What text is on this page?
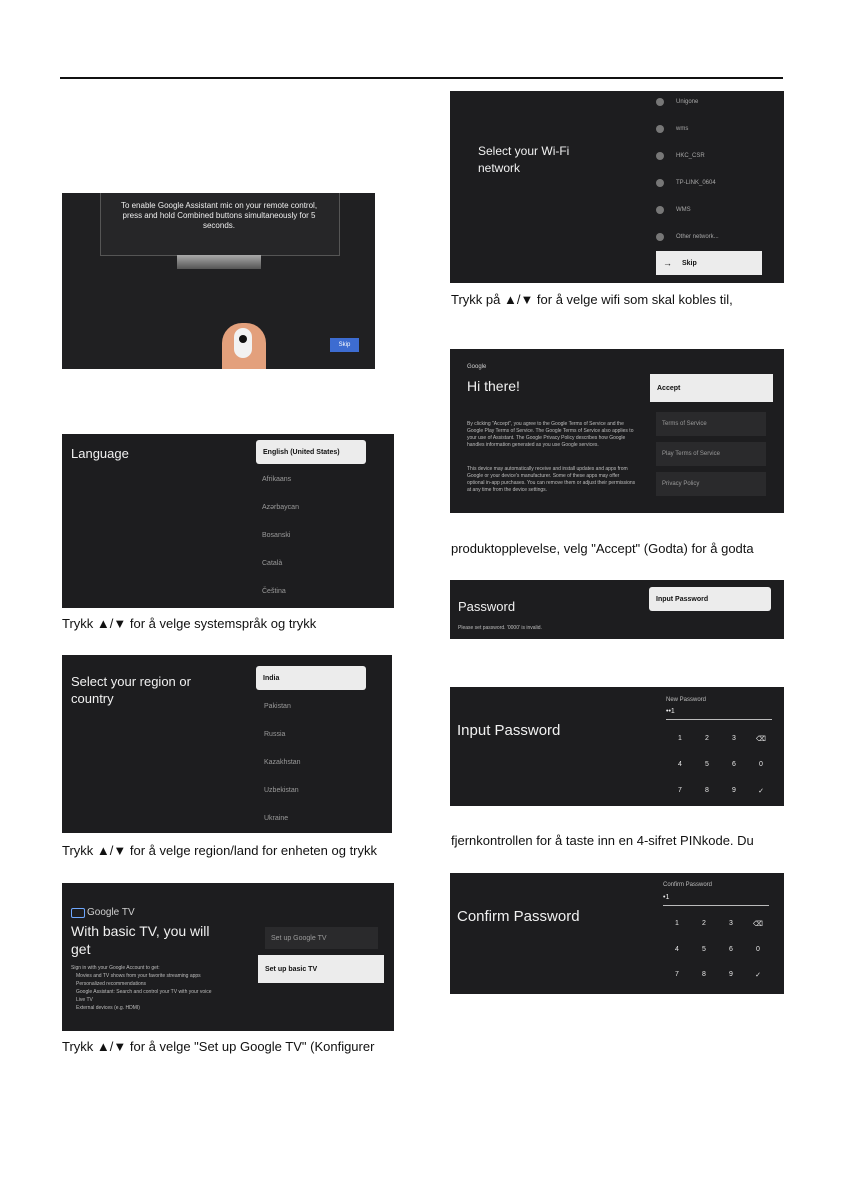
To enable Google Assistant mic on your remote control, press and hold Combined buttons simultaneously for 5 seconds.
Skip
Language	English (United States)
Afrikaans
Azərbaycan
Bosanski
Català
Čeština
Trykk ▲/▼ for å velge systemspråk og trykk
Select your region or country
India
Pakistan
Russia
Kazakhstan
Uzbekistan
Ukraine
Trykk ▲/▼ for å velge region/land for enheten og trykk
Google TV
With basic TV, you will get
Sign in with your Google Account to get:
Movies and TV shows from your favorite streaming apps
Personalized recommendations
Google Assistant: Search and control your TV with your voice
Live TV
External devices (e.g. HDMI)
Set up Google TV
Set up basic TV
Trykk ▲/▼ for å velge "Set up Google TV" (Konfigurer
Select your Wi-Fi network
Unigone
wms
HKC_CSR
TP-LINK_0604
WMS
Other network...
→ Skip
Trykk på ▲/▼ for å velge wifi som skal kobles til,
Google
Hi there!
By clicking "Accept", you agree to the Google Terms of Service and the Google Play Terms of Service. The Google Terms of Service also applies to your use of Assistant. The Google Privacy Policy describes how Google handles information generated as you use Google services.
This device may automatically receive and install updates and apps from Google or your device's manufacturer. Some of these apps may offer optional in-app purchases. You can remove them or adjust their permissions at any time from the device settings.
Accept
Terms of Service
Play Terms of Service
Privacy Policy
produktopplevelse, velg "Accept" (Godta) for å godta
Password
Please set password. '0000' is invalid.
Input Password
Input Password
New Password
••1
1	2	3	⌫
4	5	6	0
7	8	9	✓
fjernkontrollen for å taste inn en 4-sifret PINkode. Du
Confirm Password
Confirm Password
•1
1	2	3	⌫
4	5	6	0
7	8	9	✓
